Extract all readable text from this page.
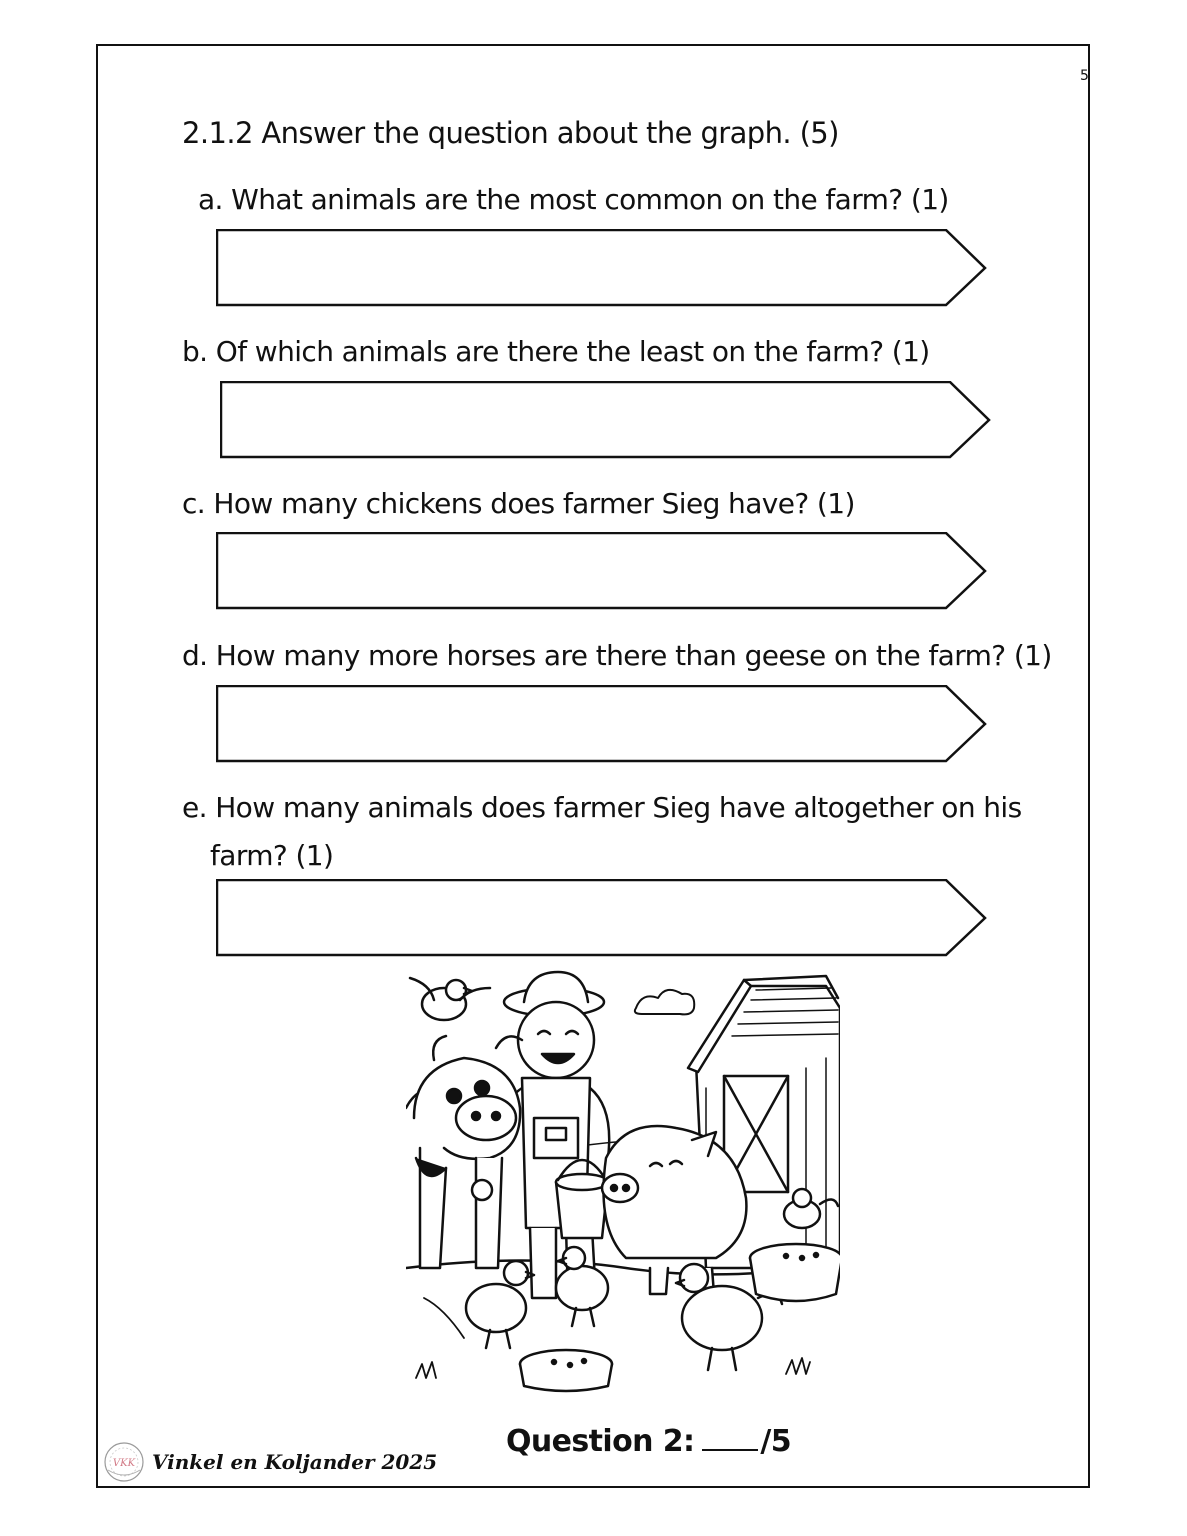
5
2.1.2 Answer the question about the graph. (5)
a. What animals are the most common on the farm? (1)
b. Of which animals are there the least on the farm? (1)
c. How many chickens does farmer Sieg have? (1)
d. How many more horses are there than geese on the farm? (1)
e. How many animals does farmer Sieg have altogether on his
farm? (1)
Question 2: /5
VKK Vinkel en Koljander 2025
